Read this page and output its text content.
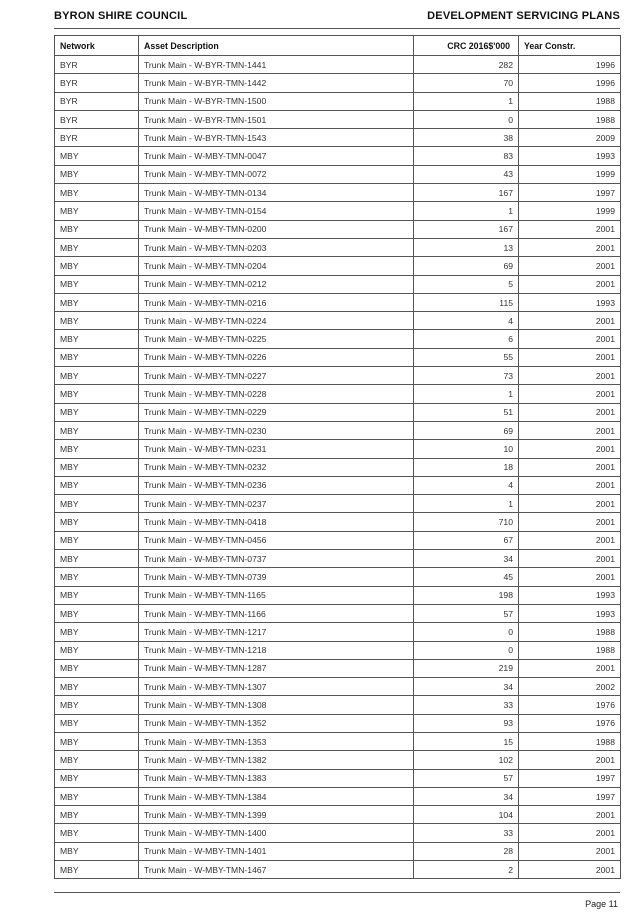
BYRON SHIRE COUNCIL	DEVELOPMENT SERVICING PLANS
Network	Asset Description	CRC 2016$'000	Year Constr.
BYR	Trunk Main - W-BYR-TMN-1441	282	1996
BYR	Trunk Main - W-BYR-TMN-1442	70	1996
BYR	Trunk Main - W-BYR-TMN-1500	1	1988
BYR	Trunk Main - W-BYR-TMN-1501	0	1988
BYR	Trunk Main - W-BYR-TMN-1543	38	2009
MBY	Trunk Main - W-MBY-TMN-0047	83	1993
MBY	Trunk Main - W-MBY-TMN-0072	43	1999
MBY	Trunk Main - W-MBY-TMN-0134	167	1997
MBY	Trunk Main - W-MBY-TMN-0154	1	1999
MBY	Trunk Main - W-MBY-TMN-0200	167	2001
MBY	Trunk Main - W-MBY-TMN-0203	13	2001
MBY	Trunk Main - W-MBY-TMN-0204	69	2001
MBY	Trunk Main - W-MBY-TMN-0212	5	2001
MBY	Trunk Main - W-MBY-TMN-0216	115	1993
MBY	Trunk Main - W-MBY-TMN-0224	4	2001
MBY	Trunk Main - W-MBY-TMN-0225	6	2001
MBY	Trunk Main - W-MBY-TMN-0226	55	2001
MBY	Trunk Main - W-MBY-TMN-0227	73	2001
MBY	Trunk Main - W-MBY-TMN-0228	1	2001
MBY	Trunk Main - W-MBY-TMN-0229	51	2001
MBY	Trunk Main - W-MBY-TMN-0230	69	2001
MBY	Trunk Main - W-MBY-TMN-0231	10	2001
MBY	Trunk Main - W-MBY-TMN-0232	18	2001
MBY	Trunk Main - W-MBY-TMN-0236	4	2001
MBY	Trunk Main - W-MBY-TMN-0237	1	2001
MBY	Trunk Main - W-MBY-TMN-0418	710	2001
MBY	Trunk Main - W-MBY-TMN-0456	67	2001
MBY	Trunk Main - W-MBY-TMN-0737	34	2001
MBY	Trunk Main - W-MBY-TMN-0739	45	2001
MBY	Trunk Main - W-MBY-TMN-1165	198	1993
MBY	Trunk Main - W-MBY-TMN-1166	57	1993
MBY	Trunk Main - W-MBY-TMN-1217	0	1988
MBY	Trunk Main - W-MBY-TMN-1218	0	1988
MBY	Trunk Main - W-MBY-TMN-1287	219	2001
MBY	Trunk Main - W-MBY-TMN-1307	34	2002
MBY	Trunk Main - W-MBY-TMN-1308	33	1976
MBY	Trunk Main - W-MBY-TMN-1352	93	1976
MBY	Trunk Main - W-MBY-TMN-1353	15	1988
MBY	Trunk Main - W-MBY-TMN-1382	102	2001
MBY	Trunk Main - W-MBY-TMN-1383	57	1997
MBY	Trunk Main - W-MBY-TMN-1384	34	1997
MBY	Trunk Main - W-MBY-TMN-1399	104	2001
MBY	Trunk Main - W-MBY-TMN-1400	33	2001
MBY	Trunk Main - W-MBY-TMN-1401	28	2001
MBY	Trunk Main - W-MBY-TMN-1467	2	2001
Page 11
